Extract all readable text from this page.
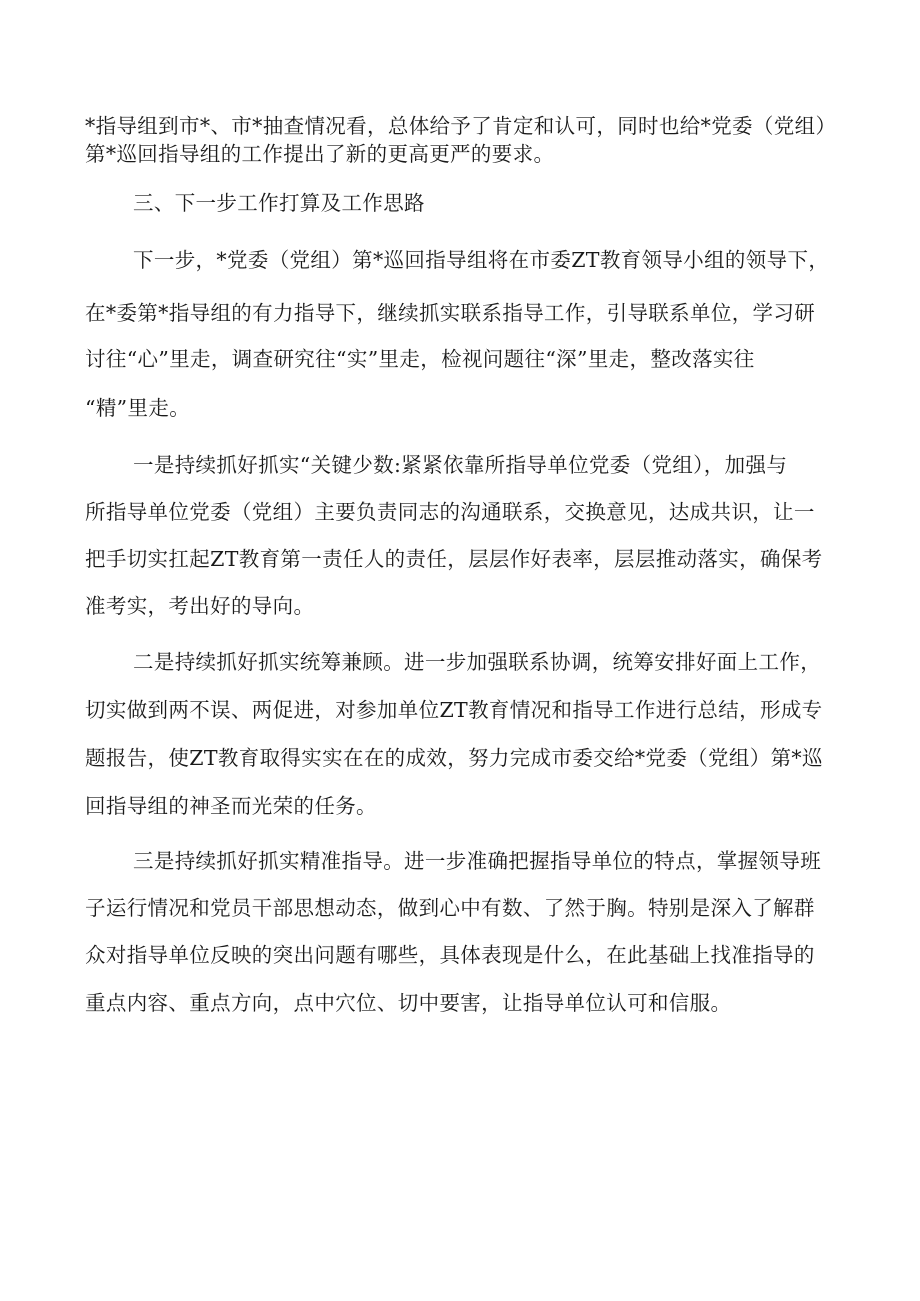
*指导组到市*、市*抽查情况看，总体给予了肯定和认可，同时也给*党委（党组）
第*巡回指导组的工作提出了新的更高更严的要求。
三、下一步工作打算及工作思路
下一步，*党委（党组）第*巡回指导组将在市委ZT教育领导小组的领导下，
在*委第*指导组的有力指导下，继续抓实联系指导工作，引导联系单位，学习研
讨往“心”里走，调查研究往“实”里走，检视问题往“深”里走，整改落实往
“精”里走。
一是持续抓好抓实“关键少数:紧紧依靠所指导单位党委（党组），加强与
所指导单位党委（党组）主要负责同志的沟通联系，交换意见，达成共识，让一
把手切实扛起ZT教育第一责任人的责任，层层作好表率，层层推动落实，确保考
准考实，考出好的导向。
二是持续抓好抓实统筹兼顾。进一步加强联系协调，统筹安排好面上工作，
切实做到两不误、两促进，对参加单位ZT教育情况和指导工作进行总结，形成专
题报告，使ZT教育取得实实在在的成效，努力完成市委交给*党委（党组）第*巡
回指导组的神圣而光荣的任务。
三是持续抓好抓实精准指导。进一步准确把握指导单位的特点，掌握领导班
子运行情况和党员干部思想动态，做到心中有数、了然于胸。特别是深入了解群
众对指导单位反映的突出问题有哪些，具体表现是什么，在此基础上找准指导的
重点内容、重点方向，点中穴位、切中要害，让指导单位认可和信服。
